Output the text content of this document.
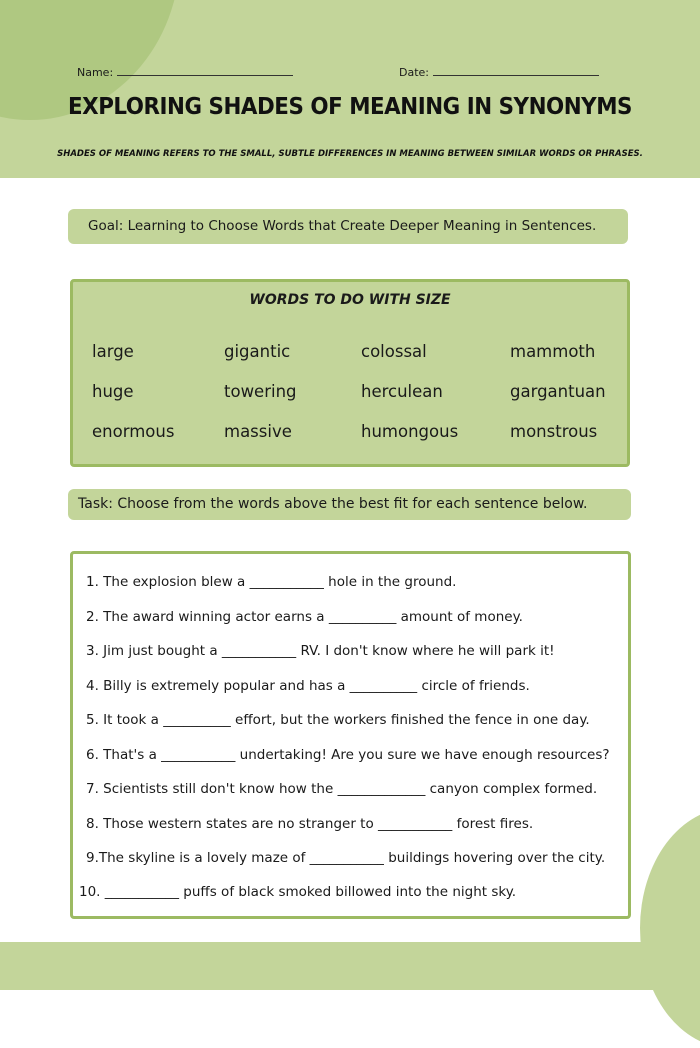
Name:	Date:
EXPLORING SHADES OF MEANING IN SYNONYMS
SHADES OF MEANING REFERS TO THE SMALL, SUBTLE DIFFERENCES IN MEANING BETWEEN SIMILAR WORDS OR PHRASES.
Goal: Learning to Choose Words that Create Deeper Meaning in Sentences.
WORDS TO DO WITH SIZE
large	gigantic	colossal	mammoth
huge	towering	herculean	gargantuan
enormous	massive	humongous	monstrous
Task: Choose from the words above the best fit for each sentence below.
1. The explosion blew a ___________ hole in the ground.
2. The award winning actor earns a __________ amount of money.
3. Jim just bought a ___________ RV. I don't know where he will park it!
4. Billy is extremely popular and has a __________ circle of friends.
5. It took a __________ effort, but the workers finished the fence in one day.
6. That's a ___________ undertaking! Are you sure we have enough resources?
7. Scientists still don't know how the _____________ canyon complex formed.
8. Those western states are no stranger to ___________ forest fires.
9.The skyline is a lovely maze of ___________ buildings hovering over the city.
10. ___________ puffs of black smoked billowed into the night sky.
